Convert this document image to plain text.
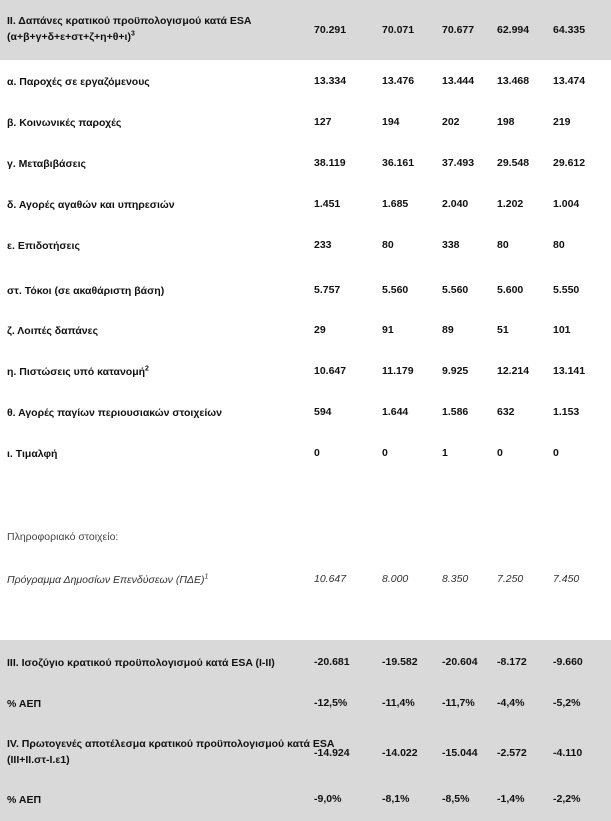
ΙΙ. Δαπάνες κρατικού προϋπολογισμού κατά ESA
$(\alpha+\beta+\gamma+\delta+\varepsilon+\sigma\tau+\zeta+\eta+\theta+\iota)^3$	70.291	70.071	70.677 62.994 64.335
α. Παροχές σε εργαζόμενους	13.334	13.476	13.444 13.468 13.474
β. Κοινωνικές παροχές	127	194	202	198	219
γ. Μεταβιβάσεις	38.119	36.161	37.493 29.548 29.612
δ. Αγορές αγαθών και υπηρεσιών	1.451	1.685	2.040	1.202	1.004
ε. Επιδοτήσεις	233	80	338	80	80
στ. Τόκοι (σε ακαθάριστη βάση)	5.757	5.560	5.560	5.600	5.550
ζ. Λοιπές δαπάνες	29	91	89	51	101
η. Πιστώσεις υπό κατανομή$^2$	10.647	11.179	9.925	12.214 13.141
θ. Αγορές παγίων περιουσιακών στοιχείων	594	1.644	1.586	632	1.153
ι. Τιμαλφή	0	0	1	0	0
Πληροφοριακό στοιχείο:
Πρόγραμμα Δημοσίων Επενδύσεων $(\Pi\Delta E)^1$	10.647	8.000	8.350	7.250	7.450
ΙΙΙ. Ισοζύγιο κρατικού προϋπολογισμού κατά ESA (Ι-ΙΙ)	-20.681	-19.582 -20.604 -8.172 -9.660
% ΑΕΠ	-12,5%	-11,4%	-11,7% -4,4%	-5,2%
ΙV. Πρωτογενές αποτέλεσμα κρατικού προϋπολογισμού κατά ESA
(ΙΙΙ+ΙΙ.στ-Ι.ε1)
-14.924	-14.022 -15.044 -2.572 -4.110
% ΑΕΠ	-9,0%	-8,1%	-8,5%	-1,4%	-2,2%
